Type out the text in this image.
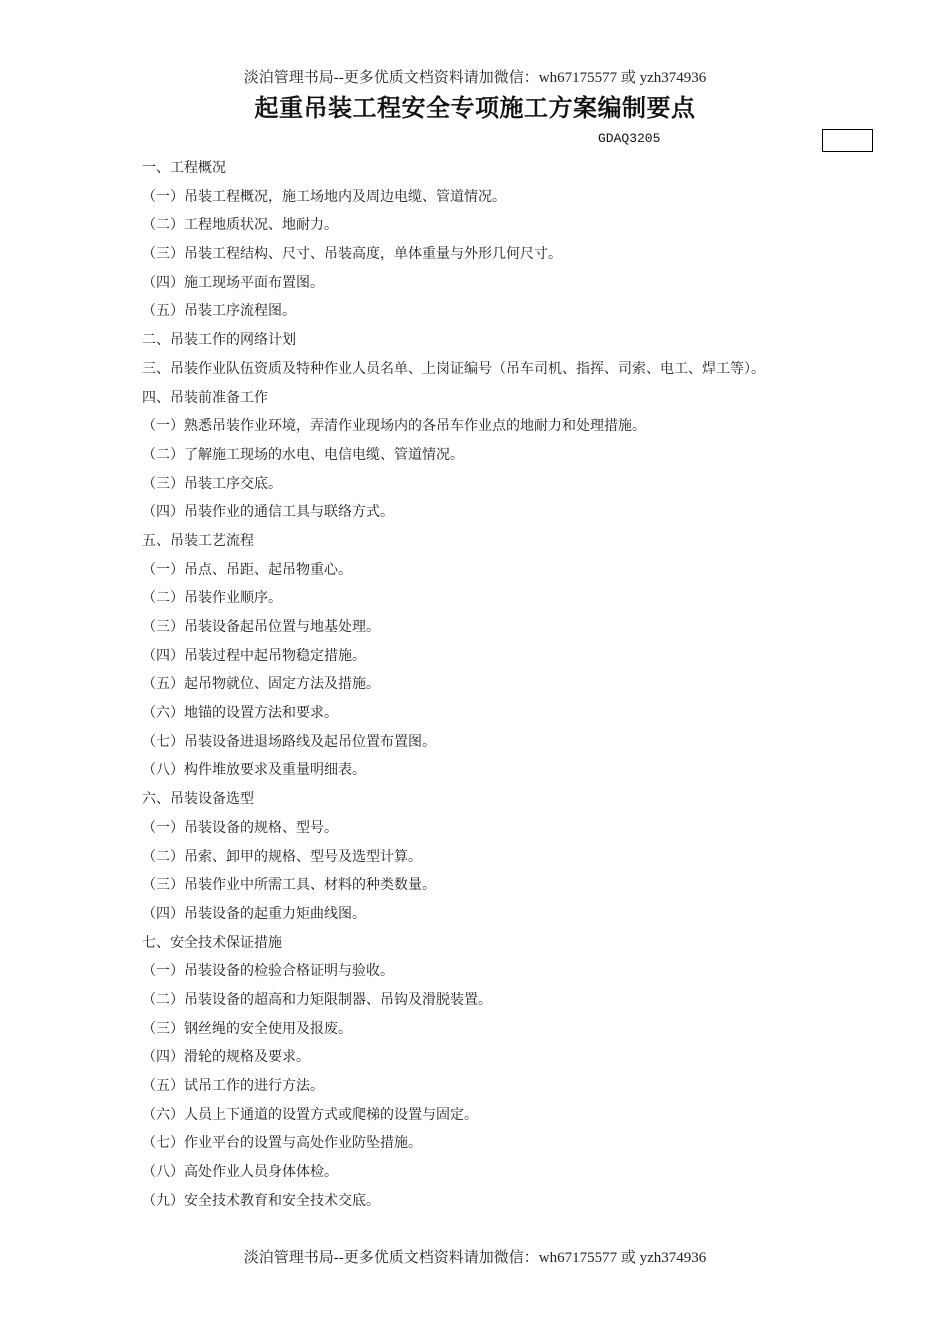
淡泊管理书局--更多优质文档资料请加微信：wh67175577 或 yzh374936

起重吊装工程安全专项施工方案编制要点

GDAQ3205

一、工程概况
（一）吊装工程概况，施工场地内及周边电缆、管道情况。
（二）工程地质状况、地耐力。
（三）吊装工程结构、尺寸、吊装高度，单体重量与外形几何尺寸。
（四）施工现场平面布置图。
（五）吊装工序流程图。
二、吊装工作的网络计划
三、吊装作业队伍资质及特种作业人员名单、上岗证编号（吊车司机、指挥、司索、电工、焊工等）。
四、吊装前准备工作
（一）熟悉吊装作业环境，弄清作业现场内的各吊车作业点的地耐力和处理措施。
（二）了解施工现场的水电、电信电缆、管道情况。
（三）吊装工序交底。
（四）吊装作业的通信工具与联络方式。
五、吊装工艺流程
（一）吊点、吊距、起吊物重心。
（二）吊装作业顺序。
（三）吊装设备起吊位置与地基处理。
（四）吊装过程中起吊物稳定措施。
（五）起吊物就位、固定方法及措施。
（六）地锚的设置方法和要求。
（七）吊装设备进退场路线及起吊位置布置图。
（八）构件堆放要求及重量明细表。
六、吊装设备选型
（一）吊装设备的规格、型号。
（二）吊索、卸甲的规格、型号及选型计算。
（三）吊装作业中所需工具、材料的种类数量。
（四）吊装设备的起重力矩曲线图。
七、安全技术保证措施
（一）吊装设备的检验合格证明与验收。
（二）吊装设备的超高和力矩限制器、吊钩及滑脱装置。
（三）钢丝绳的安全使用及报废。
（四）滑轮的规格及要求。
（五）试吊工作的进行方法。
（六）人员上下通道的设置方式或爬梯的设置与固定。
（七）作业平台的设置与高处作业防坠措施。
（八）高处作业人员身体体检。
（九）安全技术教育和安全技术交底。

淡泊管理书局--更多优质文档资料请加微信：wh67175577 或 yzh374936
